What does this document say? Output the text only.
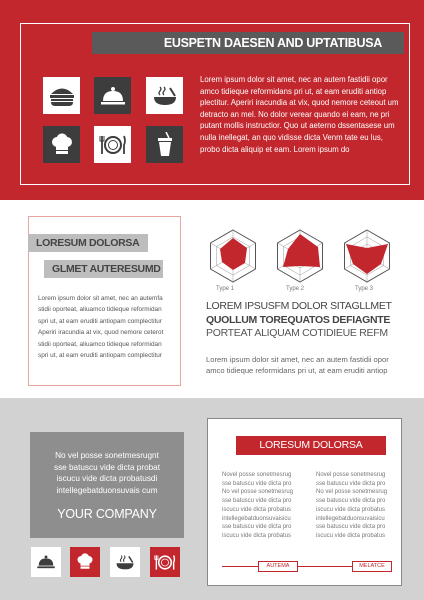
EUSPETN DAESEN AND UPTATIBUSA
Lorem ipsum dolor sit amet, nec an autem fastidii opor amco tidieque reformidans pri ut, at eam eruditi antiop plectitur. Aperiri iracundia at vix, quod nemore ceteout um detracto an mel. No dolor verear quando ei eam, ne pri putant mollis instructior. Quo ut aeterno dssentasese um nulla inellegat, an quo vidisse dicta Venm tate eu lus, probo dicta aliquip et eam. Lorem ipsum do
LORESUM DOLORSA
GLMET AUTERESUMD
Lorem ipsum dolor sit amet, nec an autemfa
stidii oporteat, aliuamco tidieque reformidan
spri ut, at eam eruditi antiopam complectitur
Aperiri iracundia at vix, quod nemore ceterot
stidii oporteat, aliuamco tidieque reformidan
spri ut, at eam eruditi antiopam complectitur
Type 1	Type 2	Type 3
LOREM IPSUSFM DOLOR SITAGLLMET
QUOLLUM TOREQUATOS DEFIAGNTE
PORTEAT ALIQUAM COTIDIEUE REFM
Lorem ipsum dolor sit amet, nec an autem fastidii opor amco tidieque reformidans pri ut, at eam eruditi antiop
No vel posse sonetmesrugnt
sse batuscu vide dicta probat
iscucu vide dicta probatusdi
intellegebatduonsuvais cum
YOUR COMPANY
LORESUM DOLORSA
Novel posse sonetmesrug
sse batuscu vide dicta pro
No vel posse sonetmesrug
sse batuscu vide dicta pro
iscucu vide dicta probatus
intellegebatduonsuvaisicu
sse batuscu vide dicta pro
iscucu vide dicta probatus
Novel posse sonetmesrug
sse batuscu vide dicta pro
No vel posse sonetmesrug
sse batuscu vide dicta pro
iscucu vide dicta probatus
intellegebatduonsuvaisicu
sse batuscu vide dicta pro
iscucu vide dicta probatus
AUTEMA	MELATCE
